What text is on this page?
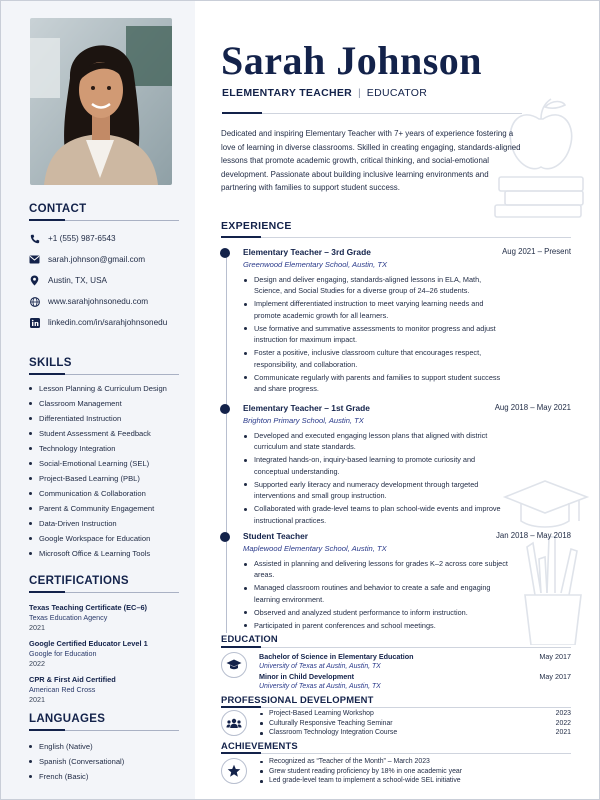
CONTACT
+1 (555) 987-6543
sarah.johnson@gmail.com
Austin, TX, USA
www.sarahjohnsonedu.com
linkedin.com/in/sarahjohnsonedu
SKILLS
Lesson Planning & Curriculum Design
Classroom Management
Differentiated Instruction
Student Assessment & Feedback
Technology Integration
Social-Emotional Learning (SEL)
Project-Based Learning (PBL)
Communication & Collaboration
Parent & Community Engagement
Data-Driven Instruction
Google Workspace for Education
Microsoft Office & Learning Tools
CERTIFICATIONS
Texas Teaching Certificate (EC–6)
Texas Education Agency
2021
Google Certified Educator Level 1
Google for Education
2022
CPR & First Aid Certified
American Red Cross
2021
LANGUAGES
English (Native)
Spanish (Conversational)
French (Basic)
Sarah Johnson
ELEMENTARY TEACHER | EDUCATOR
Dedicated and inspiring Elementary Teacher with 7+ years of experience fostering a love of learning in diverse classrooms. Skilled in creating engaging, standards-aligned lessons that promote academic growth, critical thinking, and social-emotional development. Passionate about building inclusive learning environments and partnering with families to support student success.
EXPERIENCE
Elementary Teacher – 3rd Grade	Aug 2021 – Present
Greenwood Elementary School, Austin, TX
Design and deliver engaging, standards-aligned lessons in ELA, Math, Science, and Social Studies for a diverse group of 24–26 students.
Implement differentiated instruction to meet varying learning needs and promote academic growth for all learners.
Use formative and summative assessments to monitor progress and adjust instruction for maximum impact.
Foster a positive, inclusive classroom culture that encourages respect, responsibility, and collaboration.
Communicate regularly with parents and families to support student success and share progress.
Elementary Teacher – 1st Grade	Aug 2018 – May 2021
Brighton Primary School, Austin, TX
Developed and executed engaging lesson plans that aligned with district curriculum and state standards.
Integrated hands-on, inquiry-based learning to promote curiosity and conceptual understanding.
Supported early literacy and numeracy development through targeted interventions and small group instruction.
Collaborated with grade-level teams to plan school-wide events and improve instructional practices.
Student Teacher	Jan 2018 – May 2018
Maplewood Elementary School, Austin, TX
Assisted in planning and delivering lessons for grades K–2 across core subject areas.
Managed classroom routines and behavior to create a safe and engaging learning environment.
Observed and analyzed student performance to inform instruction.
Participated in parent conferences and school meetings.
EDUCATION
Bachelor of Science in Elementary Education
University of Texas at Austin, Austin, TX
May 2017
Minor in Child Development
University of Texas at Austin, Austin, TX
May 2017
PROFESSIONAL DEVELOPMENT
Project-Based Learning Workshop	2023
Culturally Responsive Teaching Seminar	2022
Classroom Technology Integration Course	2021
ACHIEVEMENTS
Recognized as “Teacher of the Month” – March 2023
Grew student reading proficiency by 18% in one academic year
Led grade-level team to implement a school-wide SEL initiative
